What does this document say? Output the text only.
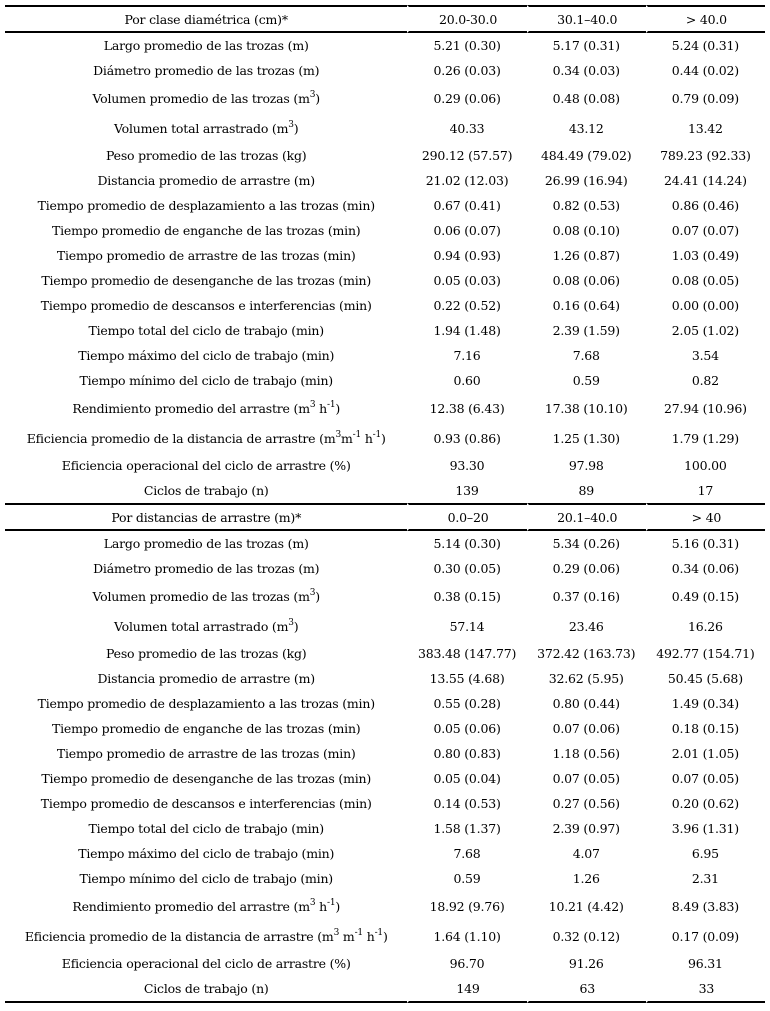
Por clase diamétrica (cm)*	20.0-30.0	30.1–40.0	> 40.0
Largo promedio de las trozas (m)	5.21 (0.30)	5.17 (0.31)	5.24 (0.31)
Diámetro promedio de las trozas (m)	0.26 (0.03)	0.34 (0.03)	0.44 (0.02)
Volumen promedio de las trozas $(m^3)$	0.29 (0.06)	0.48 (0.08)	0.79 (0.09)
Volumen total arrastrado $(m^3)$	40.33	43.12	13.42
Peso promedio de las trozas (kg)	290.12 (57.57)	484.49 (79.02)	789.23 (92.33)
Distancia promedio de arrastre (m)	21.02 (12.03)	26.99 (16.94)	24.41 (14.24)
Tiempo promedio de desplazamiento a las trozas (min)	0.67 (0.41)	0.82 (0.53)	0.86 (0.46)
Tiempo promedio de enganche de las trozas (min)	0.06 (0.07)	0.08 (0.10)	0.07 (0.07)
Tiempo promedio de arrastre de las trozas (min)	0.94 (0.93)	1.26 (0.87)	1.03 (0.49)
Tiempo promedio de desenganche de las trozas (min)	0.05 (0.03)	0.08 (0.06)	0.08 (0.05)
Tiempo promedio de descansos e interferencias (min)	0.22 (0.52)	0.16 (0.64)	0.00 (0.00)
Tiempo total del ciclo de trabajo (min)	1.94 (1.48)	2.39 (1.59)	2.05 (1.02)
Tiempo máximo del ciclo de trabajo (min)	7.16	7.68	3.54
Tiempo mínimo del ciclo de trabajo (min)	0.60	0.59	0.82
Rendimiento promedio del arrastre ($m^3$ $h^{-1}$)	12.38 (6.43)	17.38 (10.10)	27.94 (10.96)
Eficiencia promedio de la distancia de arrastre ($m^3m^{-1}$ $h^{-1}$)	0.93 (0.86)	1.25 (1.30)	1.79 (1.29)
Eficiencia operacional del ciclo de arrastre (%)	93.30	97.98	100.00
Ciclos de trabajo (n)	139	89	17
Por distancias de arrastre (m)*	0.0–20	20.1–40.0	> 40
Largo promedio de las trozas (m)	5.14 (0.30)	5.34 (0.26)	5.16 (0.31)
Diámetro promedio de las trozas (m)	0.30 (0.05)	0.29 (0.06)	0.34 (0.06)
Volumen promedio de las trozas $(m^3)$	0.38 (0.15)	0.37 (0.16)	0.49 (0.15)
Volumen total arrastrado $(m^3)$	57.14	23.46	16.26
Peso promedio de las trozas (kg)	383.48 (147.77)	372.42 (163.73)	492.77 (154.71)
Distancia promedio de arrastre (m)	13.55 (4.68)	32.62 (5.95)	50.45 (5.68)
Tiempo promedio de desplazamiento a las trozas (min)	0.55 (0.28)	0.80 (0.44)	1.49 (0.34)
Tiempo promedio de enganche de las trozas (min)	0.05 (0.06)	0.07 (0.06)	0.18 (0.15)
Tiempo promedio de arrastre de las trozas (min)	0.80 (0.83)	1.18 (0.56)	2.01 (1.05)
Tiempo promedio de desenganche de las trozas (min)	0.05 (0.04)	0.07 (0.05)	0.07 (0.05)
Tiempo promedio de descansos e interferencias (min)	0.14 (0.53)	0.27 (0.56)	0.20 (0.62)
Tiempo total del ciclo de trabajo (min)	1.58 (1.37)	2.39 (0.97)	3.96 (1.31)
Tiempo máximo del ciclo de trabajo (min)	7.68	4.07	6.95
Tiempo mínimo del ciclo de trabajo (min)	0.59	1.26	2.31
Rendimiento promedio del arrastre ($m^3$ $h^{-1}$)	18.92 (9.76)	10.21 (4.42)	8.49 (3.83)
Eficiencia promedio de la distancia de arrastre ($m^3$ $m^{-1}$ $h^{-1}$)	1.64 (1.10)	0.32 (0.12)	0.17 (0.09)
Eficiencia operacional del ciclo de arrastre (%)	96.70	91.26	96.31
Ciclos de trabajo (n)	149	63	33
